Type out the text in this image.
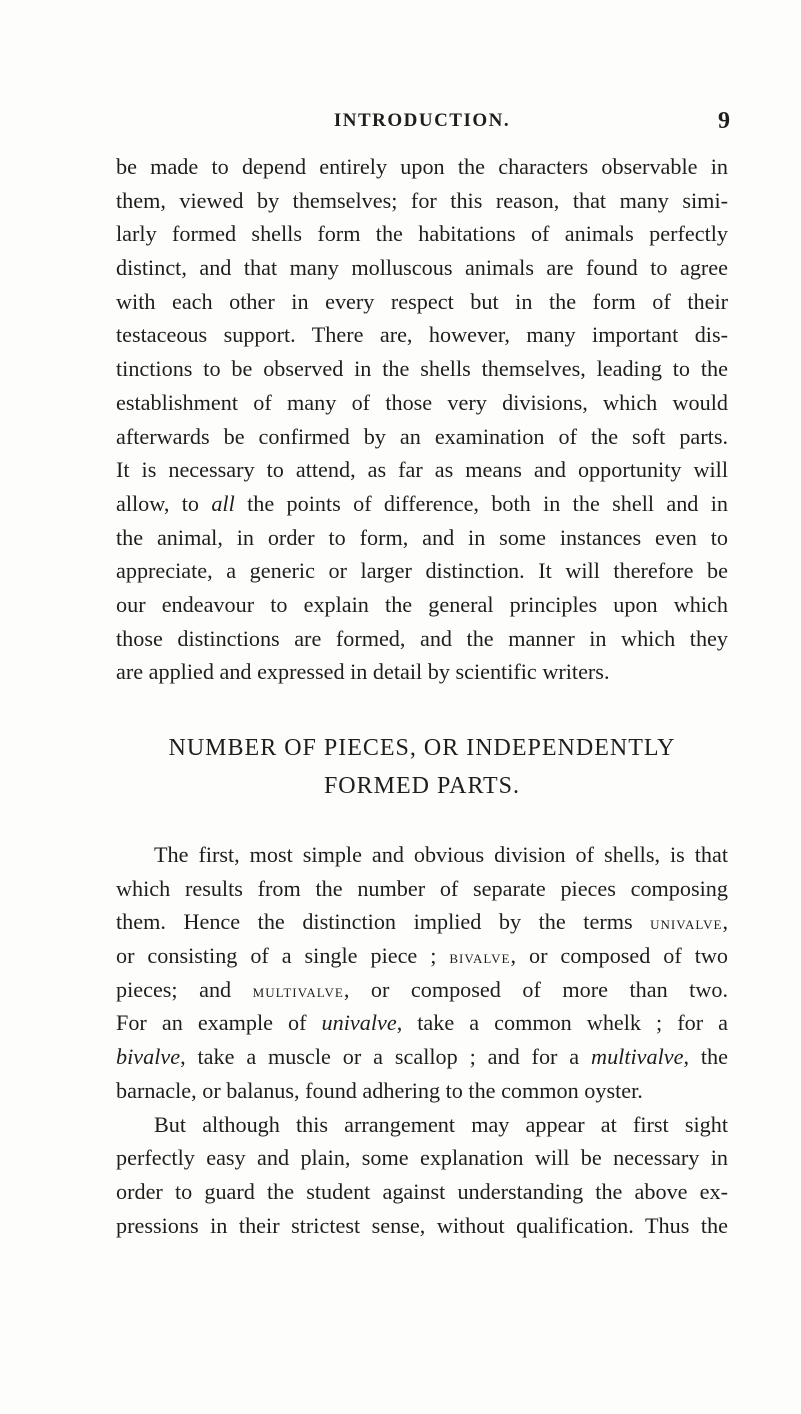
INTRODUCTION.	9
be made to depend entirely upon the characters observable in
them, viewed by themselves; for this reason, that many simi-
larly formed shells form the habitations of animals perfectly
distinct, and that many molluscous animals are found to agree
with each other in every respect but in the form of their
testaceous support. There are, however, many important dis-
tinctions to be observed in the shells themselves, leading to the
establishment of many of those very divisions, which would
afterwards be confirmed by an examination of the soft parts.
It is necessary to attend, as far as means and opportunity will
allow, to all the points of difference, both in the shell and in
the animal, in order to form, and in some instances even to
appreciate, a generic or larger distinction. It will therefore be
our endeavour to explain the general principles upon which
those distinctions are formed, and the manner in which they
are applied and expressed in detail by scientific writers.
NUMBER OF PIECES, OR INDEPENDENTLY
FORMED PARTS.
The first, most simple and obvious division of shells, is that
which results from the number of separate pieces composing
them. Hence the distinction implied by the terms univalve,
or consisting of a single piece ; bivalve, or composed of two
pieces; and multivalve, or composed of more than two.
For an example of univalve, take a common whelk ; for a
bivalve, take a muscle or a scallop ; and for a multivalve, the
barnacle, or balanus, found adhering to the common oyster.
But although this arrangement may appear at first sight
perfectly easy and plain, some explanation will be necessary in
order to guard the student against understanding the above ex-
pressions in their strictest sense, without qualification. Thus the
